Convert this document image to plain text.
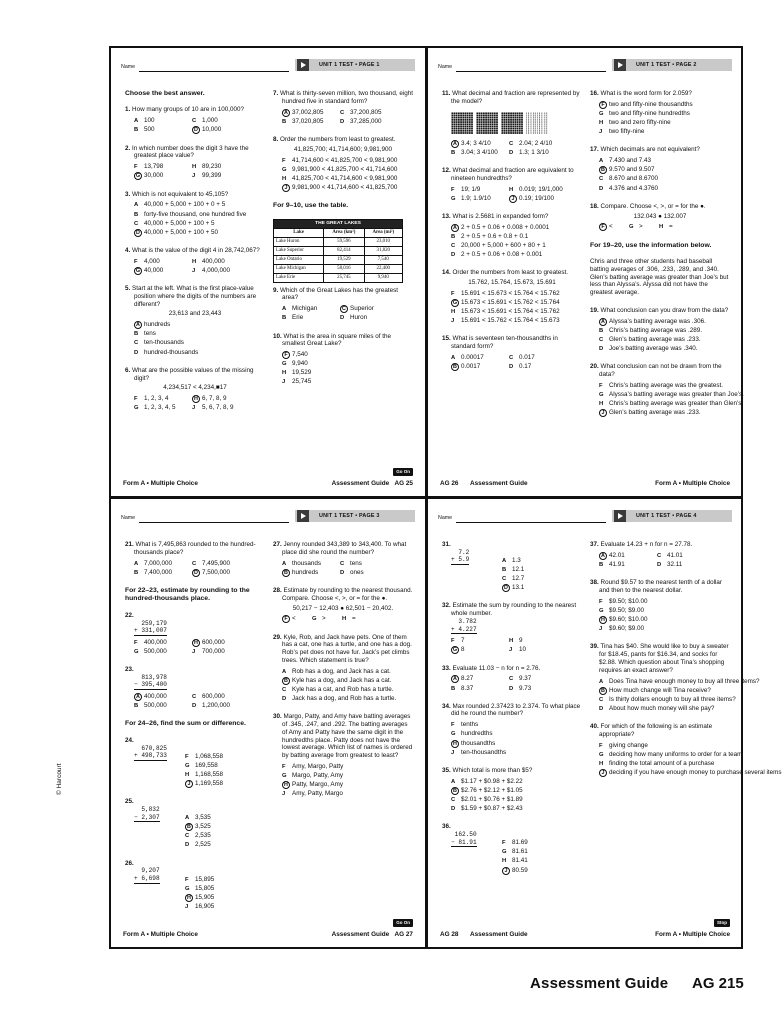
Name	UNIT 1 TEST • PAGE 1
Choose the best answer.
1. How many groups of 10 are in 100,000?
A 100	C 1,000
B 500	D 10,000
2. In which number does the digit 3 have the greatest place value?
F 13,798	H 89,230
G 30,000	J 99,399
3. Which is not equivalent to 45,105?
A 40,000 + 5,000 + 100 + 0 + 5
B forty-five thousand, one hundred five
C 40,000 + 5,000 + 100 + 5
D 40,000 + 5,000 + 100 + 50
4. What is the value of the digit 4 in 28,742,067?
F 4,000	H 400,000
G 40,000	J 4,000,000
5. Start at the left. What is the first place-value position where the digits of the numbers are different?
23,613 and 23,443
A hundreds
B tens
C ten-thousands
D hundred-thousands
6. What are the possible values of the missing digit?
4,234,517 < 4,234,■17
F 1, 2, 3, 4	H 6, 7, 8, 9
G 1, 2, 3, 4, 5	J 5, 6, 7, 8, 9
7. What is thirty-seven million, two thousand, eight hundred five in standard form?
A 37,002,805	C 37,200,805
B 37,020,805	D 37,285,000
8. Order the numbers from least to greatest.
41,825,700; 41,714,600; 9,981,900
F 41,714,600 < 41,825,700 < 9,981,900
G 9,981,900 < 41,825,700 < 41,714,600
H 41,825,700 < 41,714,600 < 9,981,900
J 9,981,900 < 41,714,600 < 41,825,700
For 9–10, use the table.
THE GREAT LAKES		
Lake	Area (km²)	Area (mi²)
Lake Huron	59,596	23,010
Lake Superior	82,414	31,820
Lake Ontario	19,529	7,540
Lake Michigan	58,016	22,400
Lake Erie	25,745	9,940
9. Which of the Great Lakes has the greatest area?
A Michigan	C Superior
B Erie	D Huron
10. What is the area in square miles of the smallest Great Lake?
F 7,540
G 9,940
H 19,529
J 25,745
Go On
Form A • Multiple Choice	Assessment Guide AG 25
Name	UNIT 1 TEST • PAGE 2
11. What decimal and fraction are represented by the model?
A 3.4; 3 4/10	C 2.04; 2 4/10
B 3.04; 3 4/100	D 1.3; 1 3/10
12. What decimal and fraction are equivalent to nineteen hundredths?
F 19; 1/9	H 0.019; 19/1,000
G 1.9; 1.9/10	J 0.19; 19/100
13. What is 2.5681 in expanded form?
A 2 + 0.5 + 0.06 + 0.008 + 0.0001
B 2 + 0.5 + 0.6 + 0.8 + 0.1
C 20,000 + 5,000 + 600 + 80 + 1
D 2 + 0.5 + 0.06 + 0.08 + 0.001
14. Order the numbers from least to greatest.
15.762, 15.764, 15.673, 15.691
F 15.691 < 15.673 < 15.764 < 15.762
G 15.673 < 15.691 < 15.762 < 15.764
H 15.673 < 15.691 < 15.764 < 15.762
J 15.691 < 15.762 < 15.764 < 15.673
15. What is seventeen ten-thousandths in standard form?
A 0.00017	C 0.017
B 0.0017	D 0.17
16. What is the word form for 2.059?
F two and fifty-nine thousandths
G two and fifty-nine hundredths
H two and zero fifty-nine
J two fifty-nine
17. Which decimals are not equivalent?
A 7.430 and 7.43
B 9.570 and 9.507
C 8.670 and 8.6700
D 4.376 and 4.3760
18. Compare. Choose <, >, or = for the ●.
132.043 ● 132.007
F <	G >	H =
For 19–20, use the information below.
Chris and three other students had baseball batting averages of .306, .233, .289, and .340. Glen’s batting average was greater than Joe’s but less than Alyssa’s. Alyssa did not have the greatest average.
19. What conclusion can you draw from the data?
A Alyssa’s batting average was .306.
B Chris’s batting average was .289.
C Glen’s batting average was .233.
D Joe’s batting average was .340.
20. What conclusion can not be drawn from the data?
F Chris’s batting average was the greatest.
G Alyssa’s batting average was greater than Joe’s.
H Chris’s batting average was greater than Glen’s.
J Glen’s batting average was .233.
AG 26 Assessment Guide	Form A • Multiple Choice
Name	UNIT 1 TEST • PAGE 3
21. What is 7,495,863 rounded to the hundred-thousands place?
A 7,000,000	C 7,495,900
B 7,400,000	D 7,500,000
For 22–23, estimate by rounding to the hundred-thousands place.
22.
259,179
+ 331,007
F 400,000	H 600,000
G 500,000	J 700,000
23.
813,978
− 395,400
A 400,000	C 600,000
B 500,000	D 1,200,000
For 24–26, find the sum or difference.
24.
670,825
+ 498,733	F 1,068,558
G 169,558
H 1,168,558
J 1,169,558
25.
5,832
− 2,307	A 3,535
B 3,525
C 2,535
D 2,525
26.
9,207
+ 6,698	F 15,895
G 15,805
H 15,905
J 16,905
27. Jenny rounded 343,389 to 343,400. To what place did she round the number?
A thousands	C tens
B hundreds	D ones
28. Estimate by rounding to the nearest thousand. Compare. Choose <, >, or = for the ●.
50,217 − 12,403 ● 62,501 − 20,402.
F <	G >	H =
29. Kyle, Rob, and Jack have pets. One of them has a cat, one has a turtle, and one has a dog. Rob’s pet does not have fur. Jack’s pet climbs trees. Which statement is true?
A Rob has a dog, and Jack has a cat.
B Kyle has a dog, and Jack has a cat.
C Kyle has a cat, and Rob has a turtle.
D Jack has a dog, and Rob has a turtle.
30. Margo, Patty, and Amy have batting averages of .345, .247, and .292. The batting averages of Amy and Patty have the same digit in the hundredths place. Patty does not have the lowest average. Which list of names is ordered by batting average from greatest to least?
F Amy, Margo, Patty
G Margo, Patty, Amy
H Patty, Margo, Amy
J Amy, Patty, Margo
Go On
Form A • Multiple Choice	Assessment Guide AG 27
Name	UNIT 1 TEST • PAGE 4
31.
7.2
+ 5.9	A 1.3
B 12.1
C 12.7
D 13.1
32. Estimate the sum by rounding to the nearest whole number.
3.782
+ 4.227
F 7	H 9
G 8	J 10
33. Evaluate 11.03 − n for n = 2.76.
A 8.27	C 9.37
B 8.37	D 9.73
34. Max rounded 2.37423 to 2.374. To what place did he round the number?
F tenths
G hundredths
H thousandths
J ten-thousandths
35. Which total is more than $5?
A $1.17 + $0.98 + $2.22
B $2.76 + $2.12 + $1.05
C $2.01 + $0.76 + $1.89
D $1.59 + $0.87 + $2.43
36.
162.50
− 81.91	F 81.69
G 81.61
H 81.41
J 80.59
37. Evaluate 14.23 + n for n = 27.78.
A 42.01	C 41.01
B 41.91	D 32.11
38. Round $9.57 to the nearest tenth of a dollar and then to the nearest dollar.
F $9.50; $10.00
G $9.50; $9.00
H $9.60; $10.00
J $9.60; $9.00
39. Tina has $40. She would like to buy a sweater for $18.45, pants for $16.34, and socks for $2.88. Which question about Tina’s shopping requires an exact answer?
A Does Tina have enough money to buy all three items?
B How much change will Tina receive?
C Is thirty dollars enough to buy all three items?
D About how much money will she pay?
40. For which of the following is an estimate appropriate?
F giving change
G deciding how many uniforms to order for a team
H finding the total amount of a purchase
J deciding if you have enough money to purchase several items
Stop
AG 28 Assessment Guide	Form A • Multiple Choice
© Harcourt
Assessment Guide AG 215
